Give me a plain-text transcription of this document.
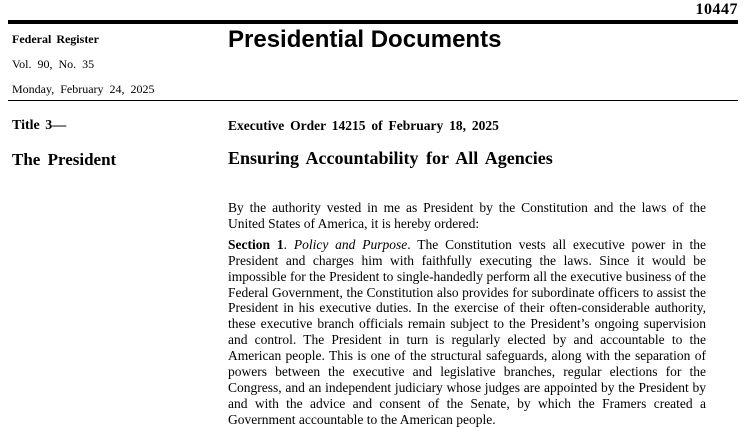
10447
Federal Register
Vol. 90, No. 35
Monday, February 24, 2025
Presidential Documents
Title 3—
The President
Executive Order 14215 of February 18, 2025
Ensuring Accountability for All Agencies

By the authority vested in me as President by the Constitution and the laws of the United States of America, it is hereby ordered:

Section 1. Policy and Purpose. The Constitution vests all executive power in the President and charges him with faithfully executing the laws. Since it would be impossible for the President to single-handedly perform all the executive business of the Federal Government, the Constitution also provides for subordinate officers to assist the President in his executive duties. In the exercise of their often-considerable authority, these executive branch officials remain subject to the President’s ongoing supervision and control. The President in turn is regularly elected by and accountable to the American people. This is one of the structural safeguards, along with the separation of powers between the executive and legislative branches, regular elections for the Congress, and an independent judiciary whose judges are appointed by the President by and with the advice and consent of the Senate, by which the Framers created a Government accountable to the American people.
